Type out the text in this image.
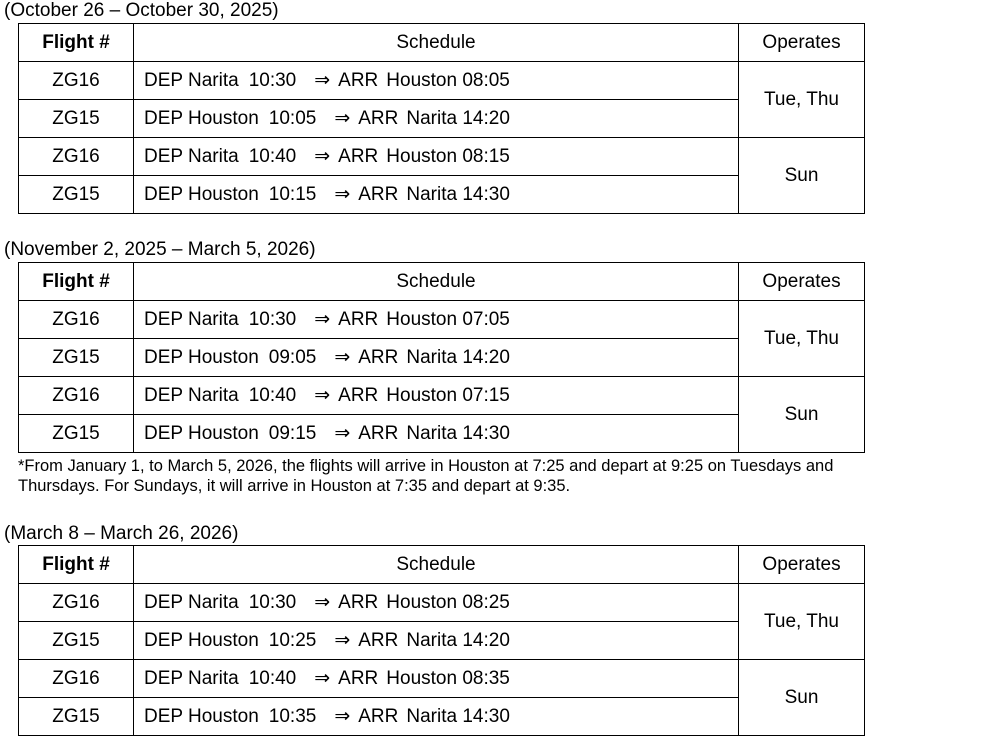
(October 26 – October 30, 2025)
Flight #	Schedule	Operates
ZG16	DEP Narita 10:30 ⇒ ARR Houston 08:05	Tue, Thu
ZG15	DEP Houston 10:05 ⇒ ARR Narita 14:20	
ZG16	DEP Narita 10:40 ⇒ ARR Houston 08:15	Sun
ZG15	DEP Houston 10:15 ⇒ ARR Narita 14:30	
(November 2, 2025 – March 5, 2026)
Flight #	Schedule	Operates
ZG16	DEP Narita 10:30 ⇒ ARR Houston 07:05	Tue, Thu
ZG15	DEP Houston 09:05 ⇒ ARR Narita 14:20	
ZG16	DEP Narita 10:40 ⇒ ARR Houston 07:15	Sun
ZG15	DEP Houston 09:15 ⇒ ARR Narita 14:30	
*From January 1, to March 5, 2026, the flights will arrive in Houston at 7:25 and depart at 9:25 on Tuesdays and
Thursdays. For Sundays, it will arrive in Houston at 7:35 and depart at 9:35.
(March 8 – March 26, 2026)
Flight #	Schedule	Operates
ZG16	DEP Narita 10:30 ⇒ ARR Houston 08:25	Tue, Thu
ZG15	DEP Houston 10:25 ⇒ ARR Narita 14:20	
ZG16	DEP Narita 10:40 ⇒ ARR Houston 08:35	Sun
ZG15	DEP Houston 10:35 ⇒ ARR Narita 14:30	
